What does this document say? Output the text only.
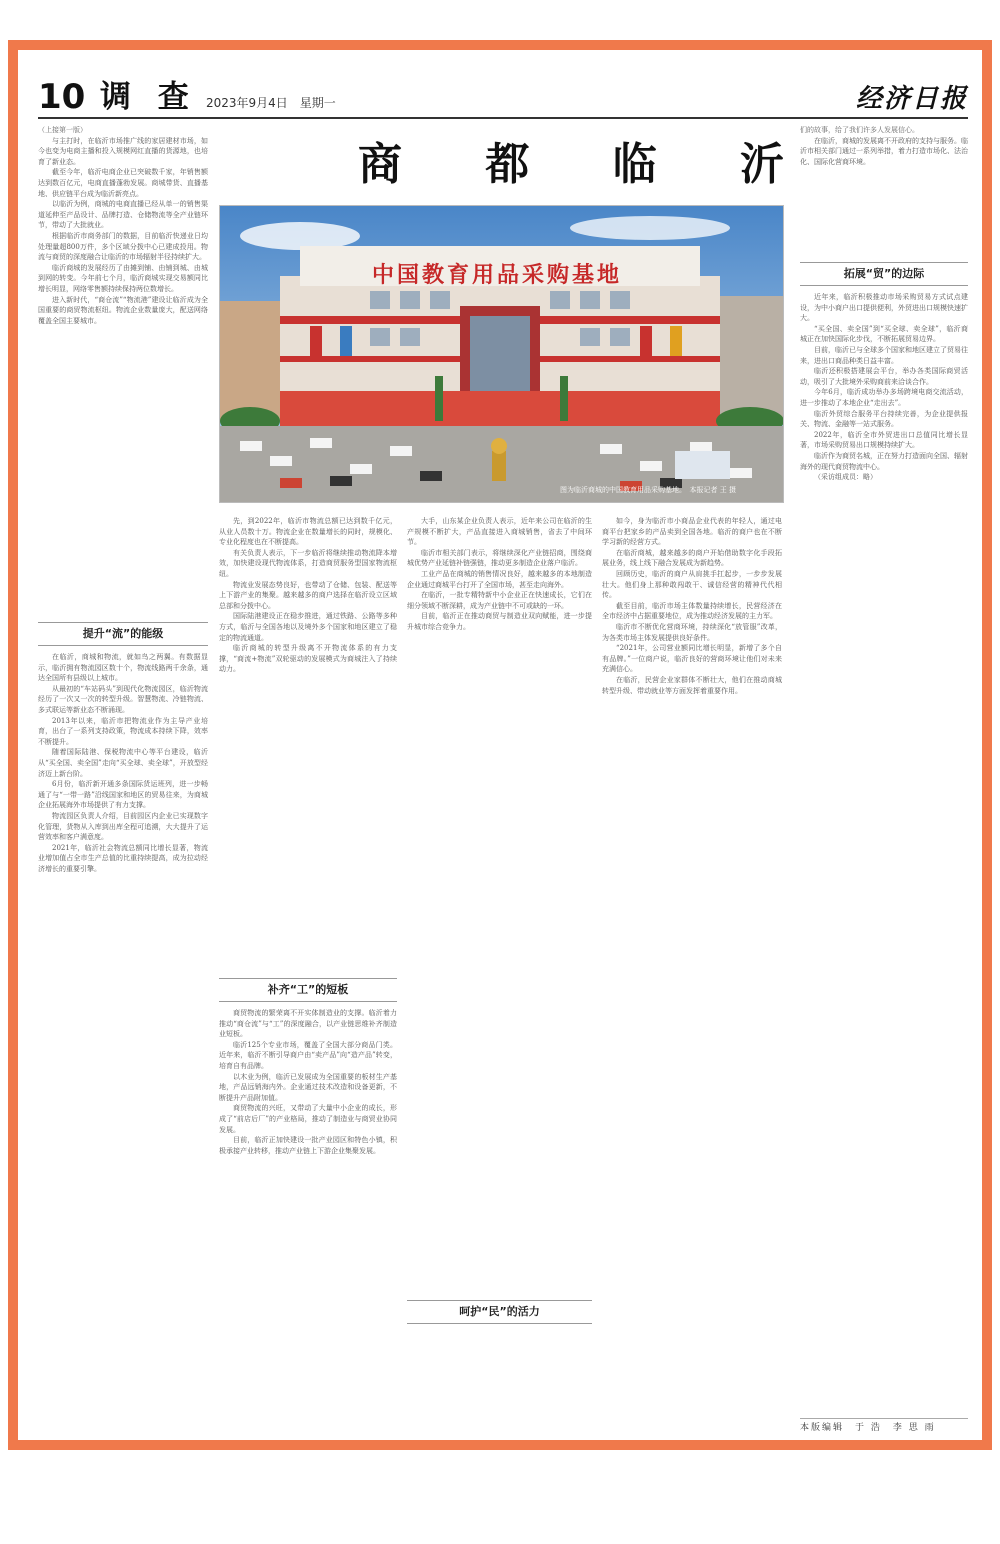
10 调 查 2023年9月4日　星期一	经济日报
商 都 临 沂
中国教育用品采购基地
图为临沂商城的中国教育用品采购基地。　本报记者 王 摄

（上接第一版）

与主打时，在临沂市场推广线的家居建材市场，如今也变为电商主播和投入规模网红直播的货源地，也培育了新业态。

截至今年，临沂电商企业已突破数千家，年销售额达到数百亿元，电商直播蓬勃发展。商城带货、直播基地、供应链平台成为临沂新亮点。

以临沂为例，商城的电商直播已经从单一的销售渠道延伸至产品设计、品牌打造、仓储物流等全产业链环节，带动了大批就业。

根据临沂市商务部门的数据，目前临沂快递业日均处理量超800万件，多个区域分拨中心已建成投用。物流与商贸的深度融合让临沂的市场辐射半径持续扩大。

临沂商城的发展经历了由摊到铺、由铺到城、由城到网的转变。今年前七个月，临沂商城实现交易额同比增长明显，网络零售额持续保持两位数增长。

进入新时代，“商仓流”“物流港”建设让临沂成为全国重要的商贸物流枢纽。物流企业数量庞大，配送网络覆盖全国主要城市。

提升“流”的能级

在临沂，商城和物流，就如鸟之两翼。有数据显示，临沂拥有物流园区数十个，物流线路两千余条，通达全国所有县级以上城市。

从最初的“车站码头”到现代化物流园区，临沂物流经历了一次又一次的转型升级。智慧物流、冷链物流、多式联运等新业态不断涌现。

2013年以来，临沂市把物流业作为主导产业培育，出台了一系列支持政策，物流成本持续下降，效率不断提升。

随着国际陆港、保税物流中心等平台建设，临沂从“买全国、卖全国”走向“买全球、卖全球”，开放型经济迈上新台阶。

6月份，临沂新开通多条国际货运班列，进一步畅通了与“一带一路”沿线国家和地区的贸易往来，为商城企业拓展海外市场提供了有力支撑。

物流园区负责人介绍，目前园区内企业已实现数字化管理，货物从入库到出库全程可追溯，大大提升了运营效率和客户满意度。

2021年，临沂社会物流总额同比增长显著，物流业增加值占全市生产总值的比重持续提高，成为拉动经济增长的重要引擎。

先，到2022年，临沂市物流总额已达到数千亿元，从业人员数十万。物流企业在数量增长的同时，规模化、专业化程度也在不断提高。

有关负责人表示，下一步临沂将继续推动物流降本增效，加快建设现代物流体系，打造商贸服务型国家物流枢纽。

物流业发展态势良好，也带动了仓储、包装、配送等上下游产业的集聚。越来越多的商户选择在临沂设立区域总部和分拨中心。

国际陆港建设正在稳步推进，通过铁路、公路等多种方式，临沂与全国各地以及境外多个国家和地区建立了稳定的物流通道。

临沂商城的转型升级离不开物流体系的有力支撑，“商流+物流”双轮驱动的发展模式为商城注入了持续动力。

补齐“工”的短板

商贸物流的繁荣离不开实体制造业的支撑。临沂着力推动“商仓流”与“工”的深度融合，以产业链思维补齐制造业短板。

临沂125个专业市场，覆盖了全国大部分商品门类。近年来，临沂不断引导商户由“卖产品”向“造产品”转变，培育自有品牌。

以木业为例，临沂已发展成为全国重要的板材生产基地，产品远销海内外。企业通过技术改造和设备更新，不断提升产品附加值。

商贸物流的兴旺，又带动了大量中小企业的成长，形成了“前店后厂”的产业格局，推动了制造业与商贸业协同发展。

目前，临沂正加快建设一批产业园区和特色小镇，积极承接产业转移，推动产业链上下游企业集聚发展。

大手，山东某企业负责人表示，近年来公司在临沂的生产规模不断扩大，产品直接进入商城销售，省去了中间环节。

临沂市相关部门表示，将继续深化产业链招商，围绕商城优势产业延链补链强链，推动更多制造企业落户临沂。

工业产品在商城的销售情况良好，越来越多的本地制造企业通过商城平台打开了全国市场，甚至走向海外。

在临沂，一批专精特新中小企业正在快速成长，它们在细分领域不断深耕，成为产业链中不可或缺的一环。

目前，临沂正在推动商贸与制造业双向赋能，进一步提升城市综合竞争力。

呵护“民”的活力

如今，身为临沂市小商品企业代表的年轻人，通过电商平台把家乡的产品卖到全国各地。临沂的商户也在不断学习新的经营方式。

在临沂商城，越来越多的商户开始借助数字化手段拓展业务，线上线下融合发展成为新趋势。

回顾历史，临沂的商户从肩挑手扛起步，一步步发展壮大。他们身上那种敢闯敢干、诚信经营的精神代代相传。

截至目前，临沂市场主体数量持续增长，民营经济在全市经济中占据重要地位，成为推动经济发展的主力军。

临沂市不断优化营商环境，持续深化“放管服”改革，为各类市场主体发展提供良好条件。

“2021年，公司营业额同比增长明显，新增了多个自有品牌。”一位商户说，临沂良好的营商环境让他们对未来充满信心。

在临沂，民营企业家群体不断壮大，他们在推动商城转型升级、带动就业等方面发挥着重要作用。

拓展“贸”的边际

们的故事，给了我们许多人发展信心。

在临沂，商城的发展离不开政府的支持与服务。临沂市相关部门通过一系列举措，着力打造市场化、法治化、国际化营商环境。

近年来，临沂积极推动市场采购贸易方式试点建设，为中小商户出口提供便利，外贸进出口规模快速扩大。

“买全国、卖全国”到“买全球、卖全球”，临沂商城正在加快国际化步伐，不断拓展贸易边界。

目前，临沂已与全球多个国家和地区建立了贸易往来，进出口商品种类日益丰富。

临沂还积极搭建展会平台，举办各类国际商贸活动，吸引了大批境外采购商前来洽谈合作。

今年6月，临沂成功举办多场跨境电商交流活动，进一步推动了本地企业“走出去”。

临沂外贸综合服务平台持续完善，为企业提供报关、物流、金融等一站式服务。

2022年，临沂全市外贸进出口总值同比增长显著，市场采购贸易出口规模持续扩大。

临沂作为商贸名城，正在努力打造面向全国、辐射海外的现代商贸物流中心。

（采访组成员：略）

本版编辑　于 浩　李 思 雨
